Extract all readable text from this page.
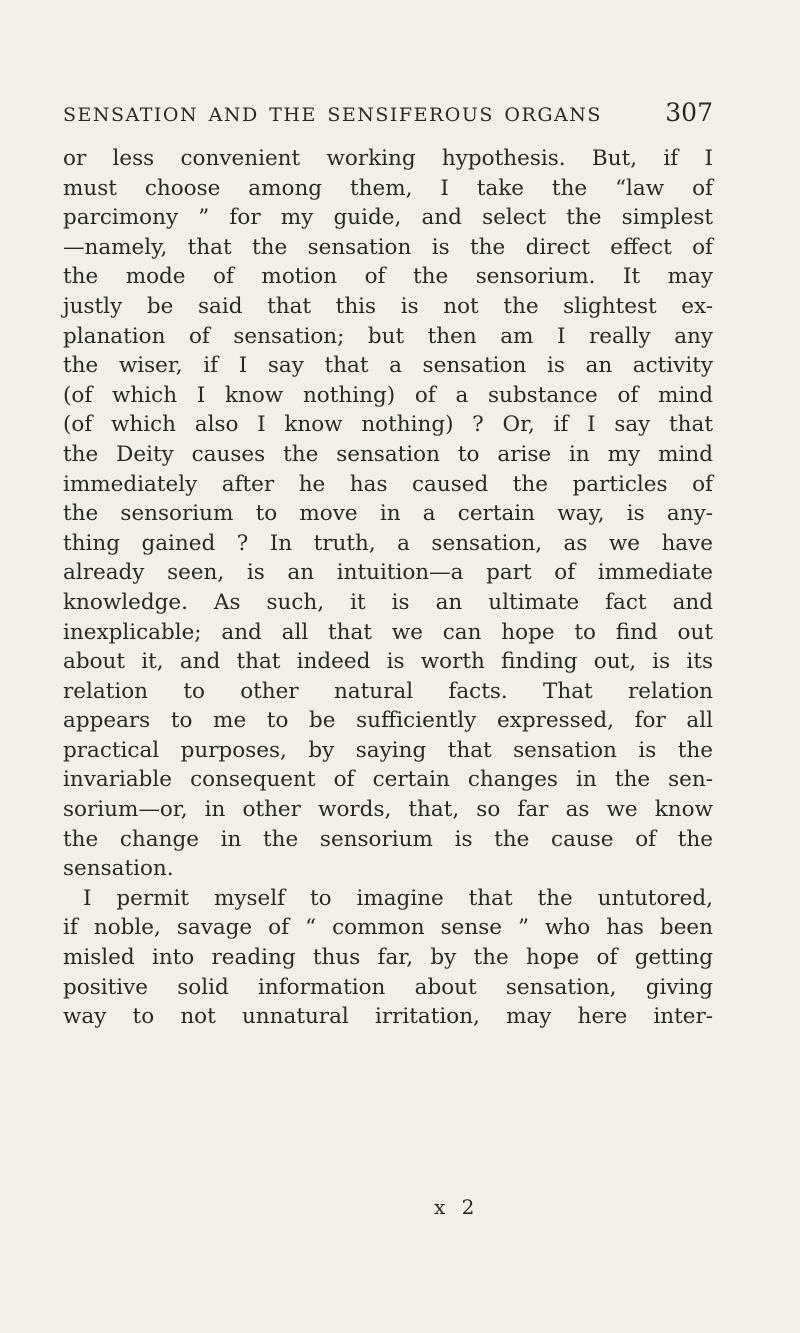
SENSATION AND THE SENSIFEROUS ORGANS	307
or less convenient working hypothesis. But, if I
must choose among them, I take the “law of
parcimony ” for my guide, and select the simplest
—namely, that the sensation is the direct effect of
the mode of motion of the sensorium. It may
justly be said that this is not the slightest ex-
planation of sensation; but then am I really any
the wiser, if I say that a sensation is an activity
(of which I know nothing) of a substance of mind
(of which also I know nothing) ? Or, if I say that
the Deity causes the sensation to arise in my mind
immediately after he has caused the particles of
the sensorium to move in a certain way, is any-
thing gained ? In truth, a sensation, as we have
already seen, is an intuition—a part of immediate
knowledge. As such, it is an ultimate fact and
inexplicable; and all that we can hope to find out
about it, and that indeed is worth finding out, is its
relation to other natural facts. That relation
appears to me to be sufficiently expressed, for all
practical purposes, by saying that sensation is the
invariable consequent of certain changes in the sen-
sorium—or, in other words, that, so far as we know
the change in the sensorium is the cause of the
sensation.
I permit myself to imagine that the untutored,
if noble, savage of “ common sense ” who has been
misled into reading thus far, by the hope of getting
positive solid information about sensation, giving
way to not unnatural irritation, may here inter-
x 2
